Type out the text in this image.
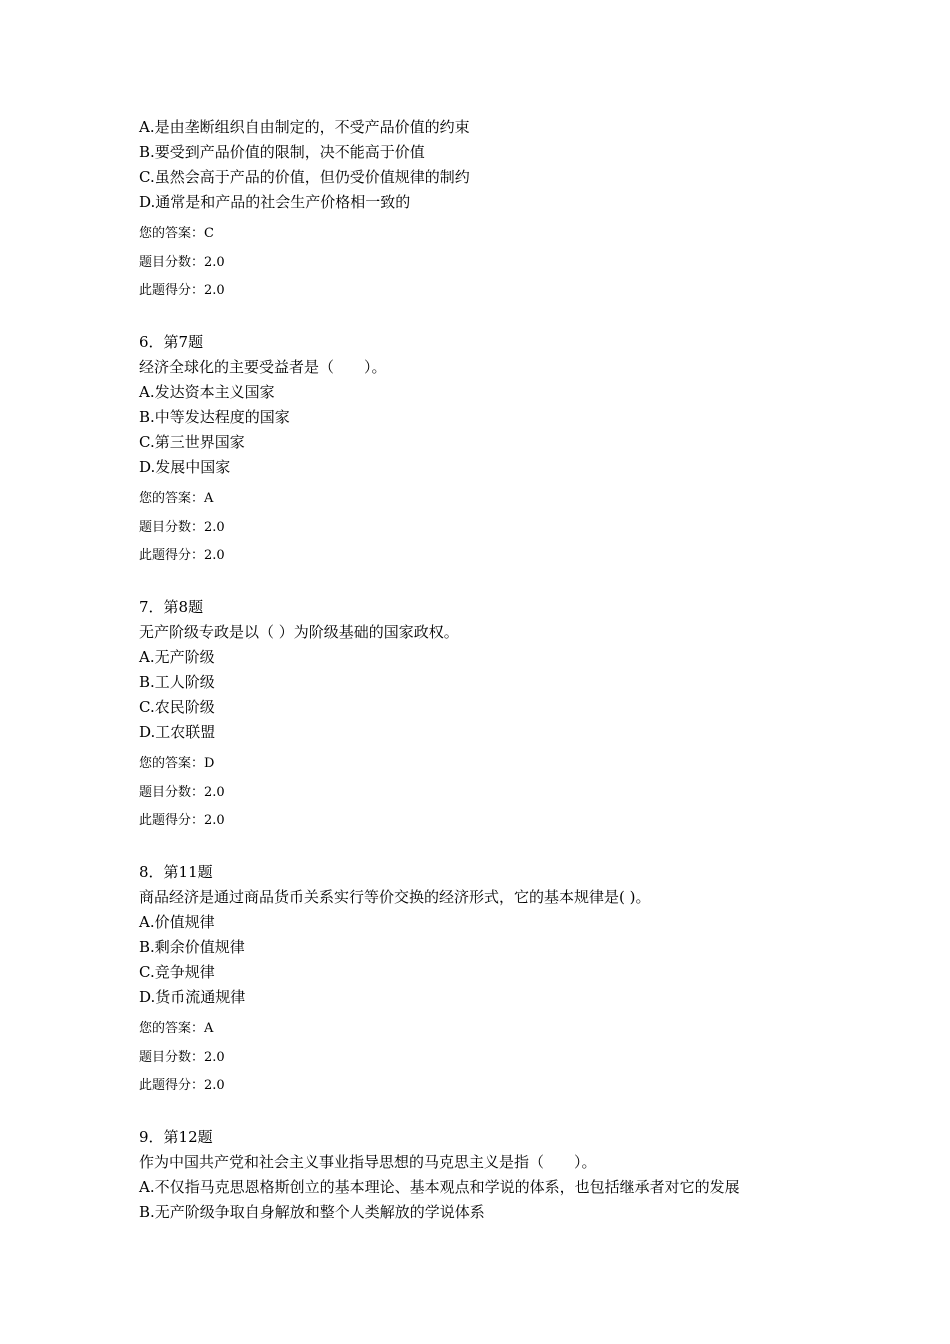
A.是由垄断组织自由制定的，不受产品价值的约束
B.要受到产品价值的限制，决不能高于价值
C.虽然会高于产品的价值，但仍受价值规律的制约
D.通常是和产品的社会生产价格相一致的
您的答案：C
题目分数：2.0
此题得分：2.0
6．第7题
经济全球化的主要受益者是（　　）。
A.发达资本主义国家
B.中等发达程度的国家
C.第三世界国家
D.发展中国家
您的答案：A
题目分数：2.0
此题得分：2.0
7．第8题
无产阶级专政是以（ ）为阶级基础的国家政权。
A.无产阶级
B.工人阶级
C.农民阶级
D.工农联盟
您的答案：D
题目分数：2.0
此题得分：2.0
8．第11题
商品经济是通过商品货币关系实行等价交换的经济形式，它的基本规律是( )。
A.价值规律
B.剩余价值规律
C.竞争规律
D.货币流通规律
您的答案：A
题目分数：2.0
此题得分：2.0
9．第12题
作为中国共产党和社会主义事业指导思想的马克思主义是指（　　）。
A.不仅指马克思恩格斯创立的基本理论、基本观点和学说的体系，也包括继承者对它的发展
B.无产阶级争取自身解放和整个人类解放的学说体系
